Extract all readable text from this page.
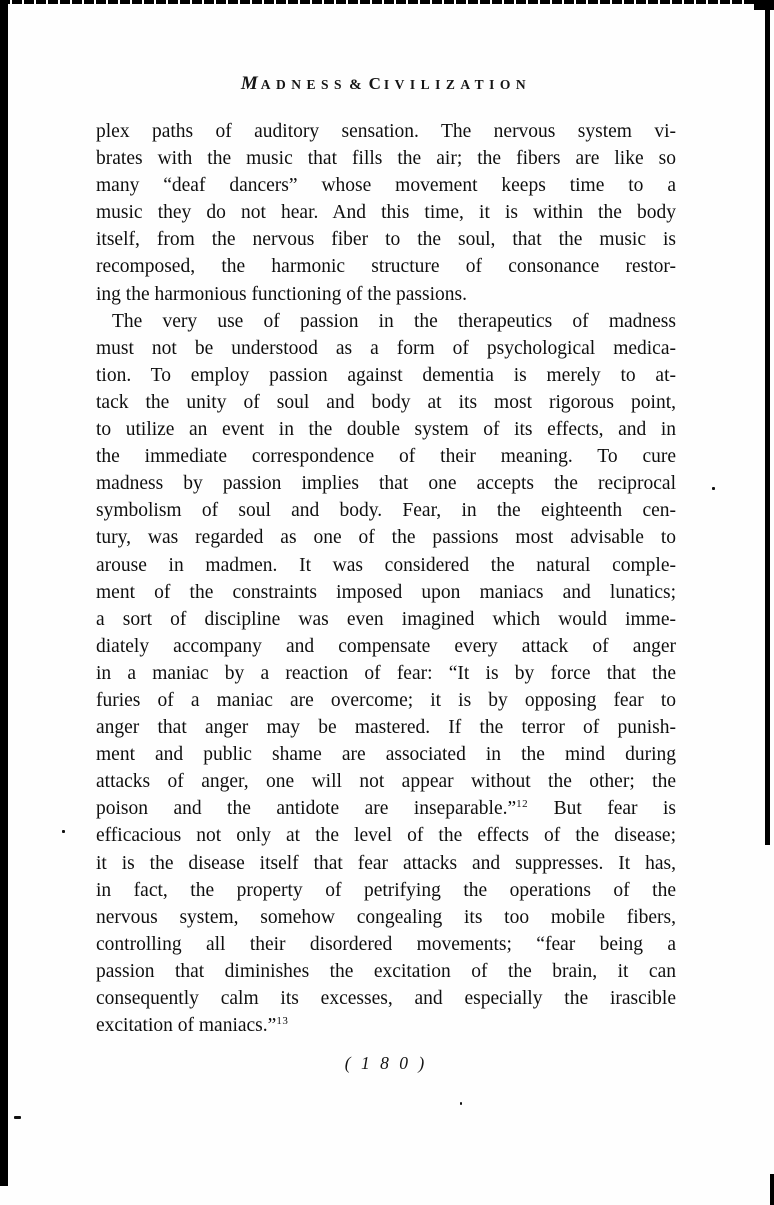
MADNESS & CIVILIZATION
plex paths of auditory sensation. The nervous system vi-
brates with the music that fills the air; the fibers are like so
many “deaf dancers” whose movement keeps time to a
music they do not hear. And this time, it is within the body
itself, from the nervous fiber to the soul, that the music is
recomposed, the harmonic structure of consonance restor-
ing the harmonious functioning of the passions.
The very use of passion in the therapeutics of madness
must not be understood as a form of psychological medica-
tion. To employ passion against dementia is merely to at-
tack the unity of soul and body at its most rigorous point,
to utilize an event in the double system of its effects, and in
the immediate correspondence of their meaning. To cure
madness by passion implies that one accepts the reciprocal
symbolism of soul and body. Fear, in the eighteenth cen-
tury, was regarded as one of the passions most advisable to
arouse in madmen. It was considered the natural comple-
ment of the constraints imposed upon maniacs and lunatics;
a sort of discipline was even imagined which would imme-
diately accompany and compensate every attack of anger
in a maniac by a reaction of fear: “It is by force that the
furies of a maniac are overcome; it is by opposing fear to
anger that anger may be mastered. If the terror of punish-
ment and public shame are associated in the mind during
attacks of anger, one will not appear without the other; the
poison and the antidote are inseparable.”$^{12}$ But fear is
efficacious not only at the level of the effects of the disease;
it is the disease itself that fear attacks and suppresses. It has,
in fact, the property of petrifying the operations of the
nervous system, somehow congealing its too mobile fibers,
controlling all their disordered movements; “fear being a
passion that diminishes the excitation of the brain, it can
consequently calm its excesses, and especially the irascible
excitation of maniacs.”$^{13}$
( 1 8 0 )
